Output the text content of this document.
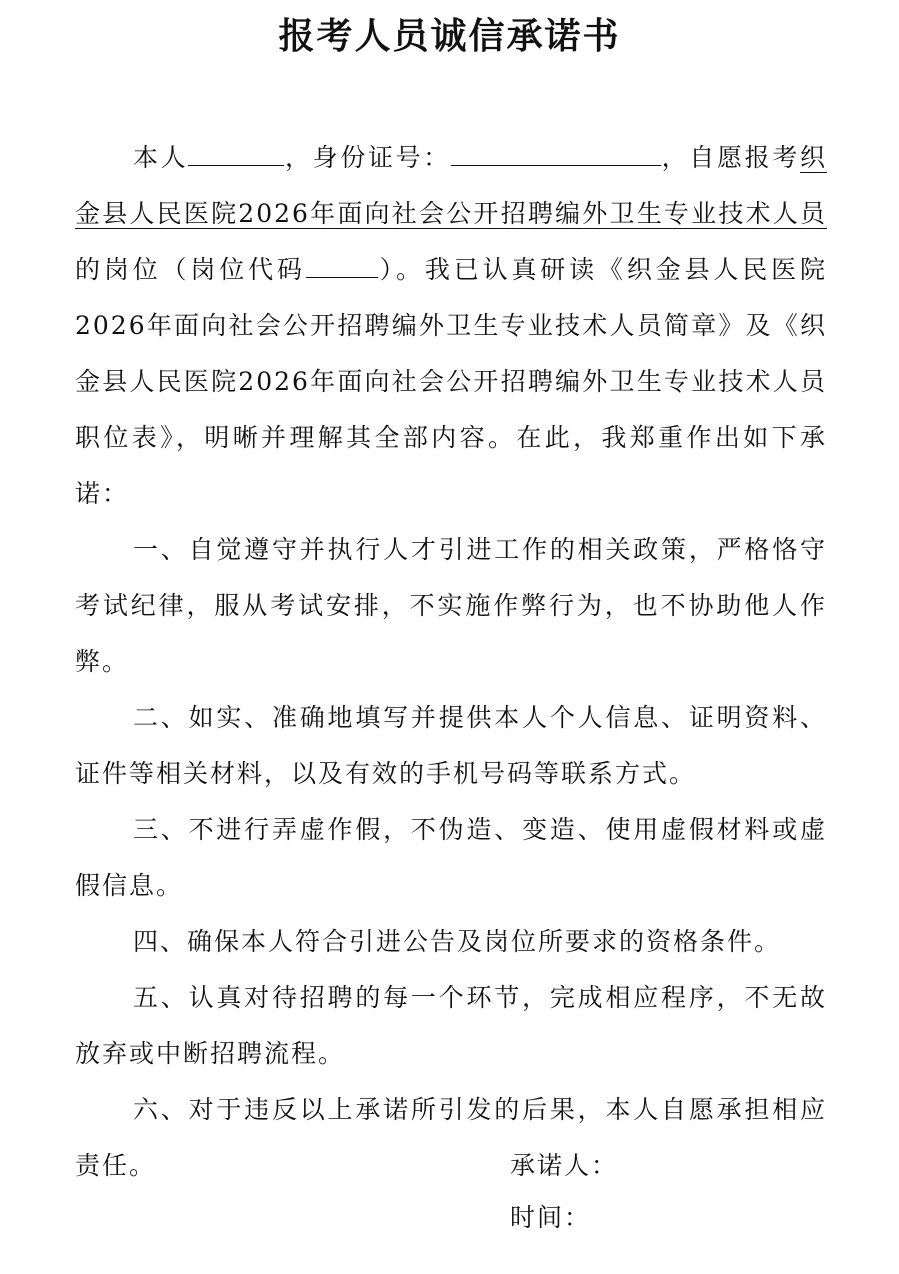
报考人员诚信承诺书

本人	，身份证号：	，自愿报考织金县人民医院2026年面向社会公开招聘编外卫生专业技术人员的岗位（岗位代码	）。我已认真研读《织金县人民医院2026年面向社会公开招聘编外卫生专业技术人员简章》及《织金县人民医院2026年面向社会公开招聘编外卫生专业技术人员职位表》，明晰并理解其全部内容。在此，我郑重作出如下承诺：

一、自觉遵守并执行人才引进工作的相关政策，严格恪守考试纪律，服从考试安排，不实施作弊行为，也不协助他人作弊。

二、如实、准确地填写并提供本人个人信息、证明资料、证件等相关材料，以及有效的手机号码等联系方式。

三、不进行弄虚作假，不伪造、变造、使用虚假材料或虚假信息。

四、确保本人符合引进公告及岗位所要求的资格条件。

五、认真对待招聘的每一个环节，完成相应程序，不无故放弃或中断招聘流程。

六、对于违反以上承诺所引发的后果，本人自愿承担相应责任。	承诺人：
时间：
